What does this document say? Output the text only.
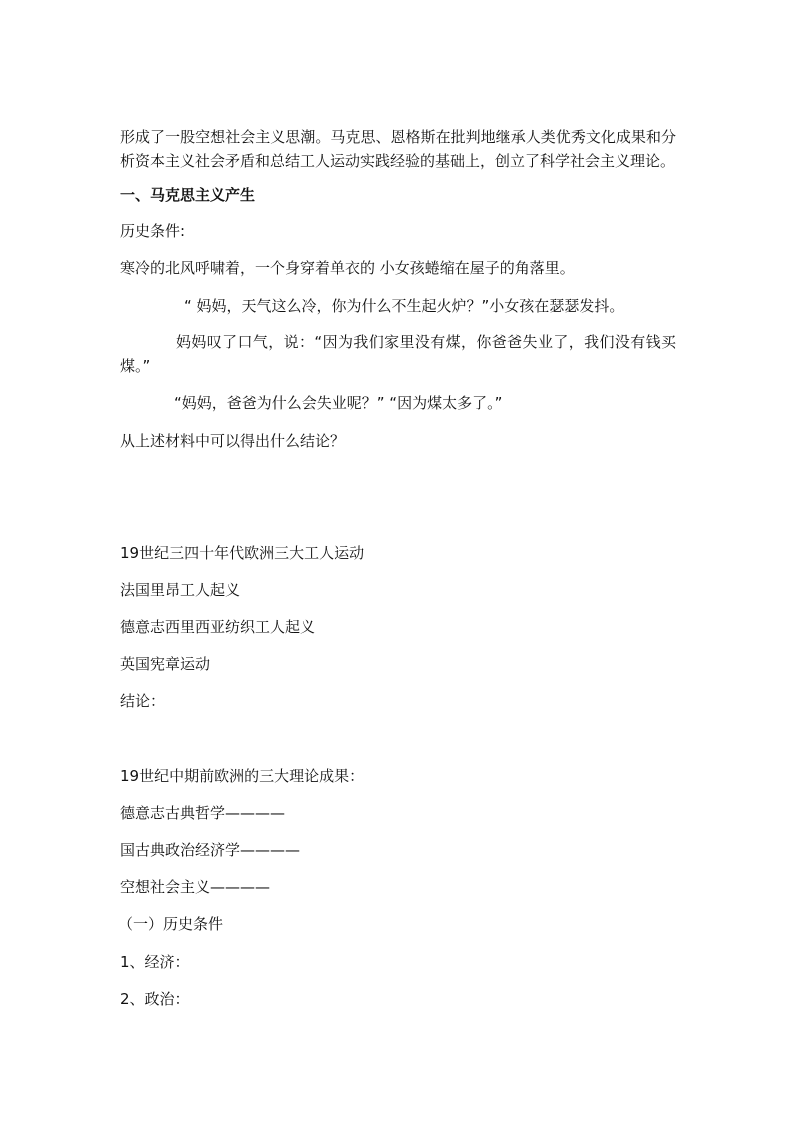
形成了一股空想社会主义思潮。马克思、恩格斯在批判地继承人类优秀文化成果和分析资本主义社会矛盾和总结工人运动实践经验的基础上，创立了科学社会主义理论。
一、马克思主义产生
历史条件:
寒冷的北风呼啸着，一个身穿着单衣的 小女孩蜷缩在屋子的角落里。
“ 妈妈，天气这么冷，你为什么不生起火炉？”小女孩在瑟瑟发抖。
妈妈叹了口气，说：“因为我们家里没有煤，你爸爸失业了，我们没有钱买煤。”
“妈妈，爸爸为什么会失业呢？” “因为煤太多了。”
从上述材料中可以得出什么结论？
19世纪三四十年代欧洲三大工人运动
法国里昂工人起义
德意志西里西亚纺织工人起义
英国宪章运动
结论：
19世纪中期前欧洲的三大理论成果：
德意志古典哲学————
国古典政治经济学————
空想社会主义————
（一）历史条件
1、经济：
2、政治：
